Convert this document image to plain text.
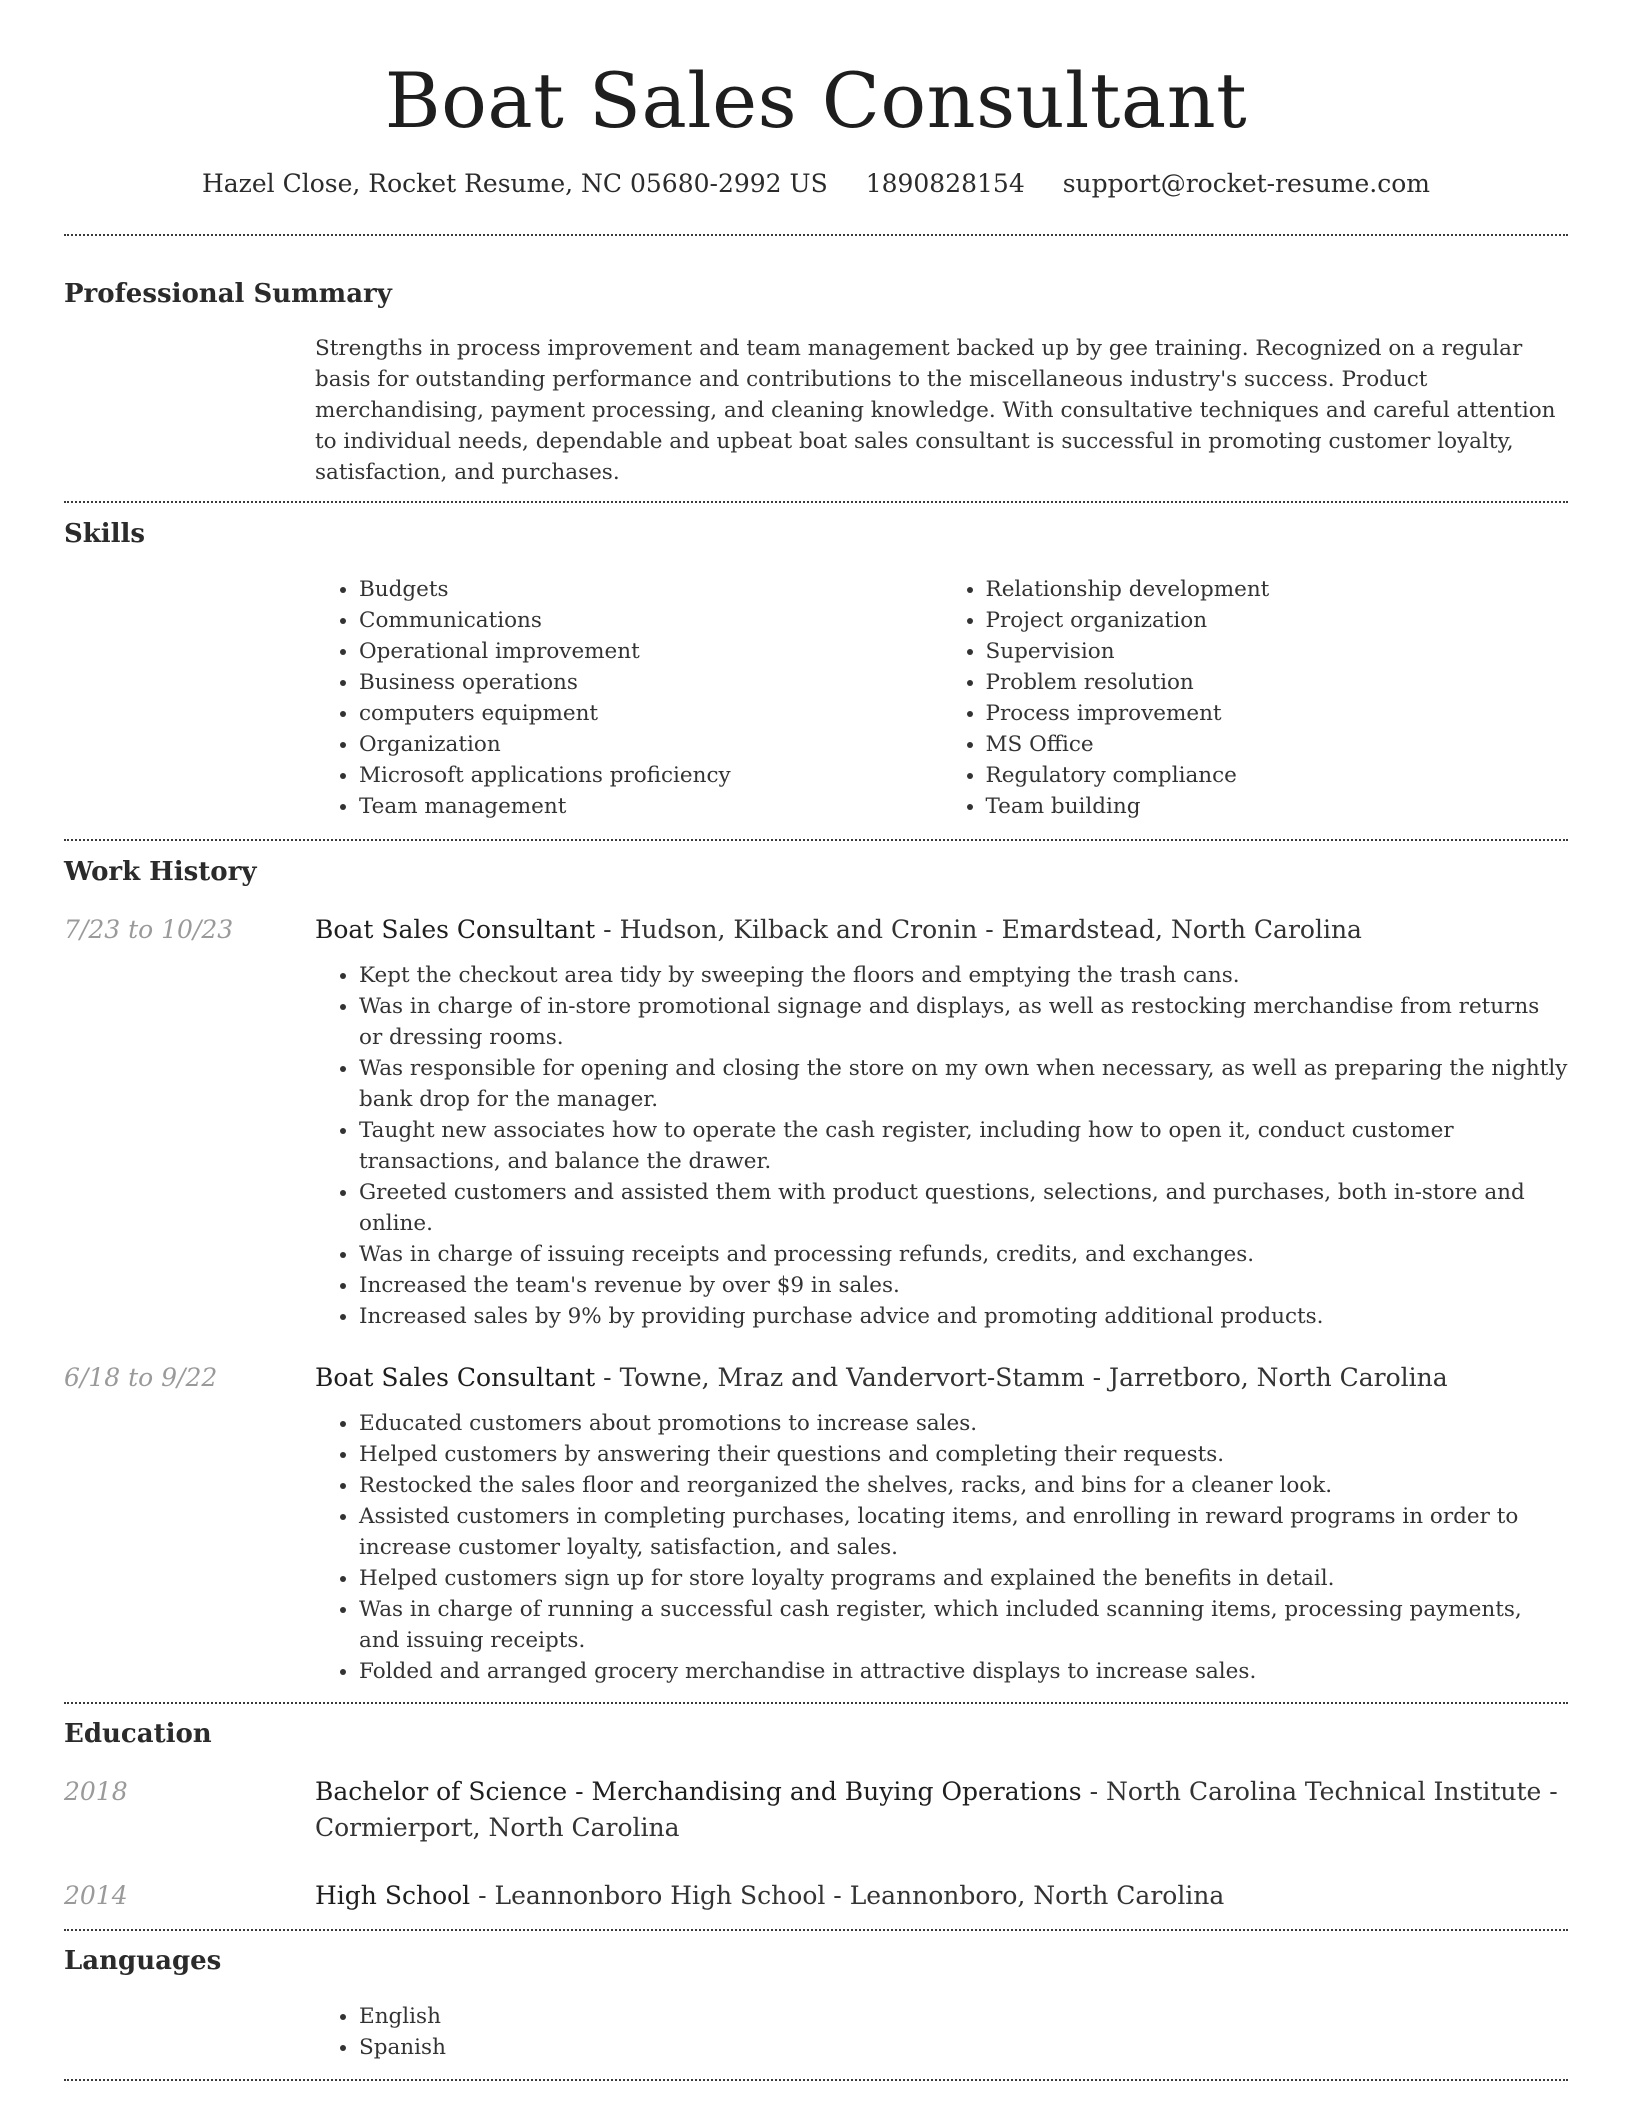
Boat Sales Consultant
Hazel Close, Rocket Resume, NC 05680-2992 US 1890828154 support@rocket-resume.com
Professional Summary
Strengths in process improvement and team management backed up by gee training. Recognized on a regular basis for outstanding performance and contributions to the miscellaneous industry's success. Product merchandising, payment processing, and cleaning knowledge. With consultative techniques and careful attention to individual needs, dependable and upbeat boat sales consultant is successful in promoting customer loyalty, satisfaction, and purchases.
Skills
• Budgets
• Communications
• Operational improvement
• Business operations
• computers equipment
• Organization
• Microsoft applications proficiency
• Team management
• Relationship development
• Project organization
• Supervision
• Problem resolution
• Process improvement
• MS Office
• Regulatory compliance
• Team building
Work History
7/23 to 10/23	Boat Sales Consultant - Hudson, Kilback and Cronin - Emardstead, North Carolina
• Kept the checkout area tidy by sweeping the floors and emptying the trash cans.
• Was in charge of in-store promotional signage and displays, as well as restocking merchandise from returns or dressing rooms.
• Was responsible for opening and closing the store on my own when necessary, as well as preparing the nightly bank drop for the manager.
• Taught new associates how to operate the cash register, including how to open it, conduct customer transactions, and balance the drawer.
• Greeted customers and assisted them with product questions, selections, and purchases, both in-store and online.
• Was in charge of issuing receipts and processing refunds, credits, and exchanges.
• Increased the team's revenue by over $9 in sales.
• Increased sales by 9% by providing purchase advice and promoting additional products.
6/18 to 9/22	Boat Sales Consultant - Towne, Mraz and Vandervort-Stamm - Jarretboro, North Carolina
• Educated customers about promotions to increase sales.
• Helped customers by answering their questions and completing their requests.
• Restocked the sales floor and reorganized the shelves, racks, and bins for a cleaner look.
• Assisted customers in completing purchases, locating items, and enrolling in reward programs in order to increase customer loyalty, satisfaction, and sales.
• Helped customers sign up for store loyalty programs and explained the benefits in detail.
• Was in charge of running a successful cash register, which included scanning items, processing payments, and issuing receipts.
• Folded and arranged grocery merchandise in attractive displays to increase sales.
Education
2018	Bachelor of Science - Merchandising and Buying Operations - North Carolina Technical Institute - Cormierport, North Carolina
2014	High School - Leannonboro High School - Leannonboro, North Carolina
Languages
• English
• Spanish
